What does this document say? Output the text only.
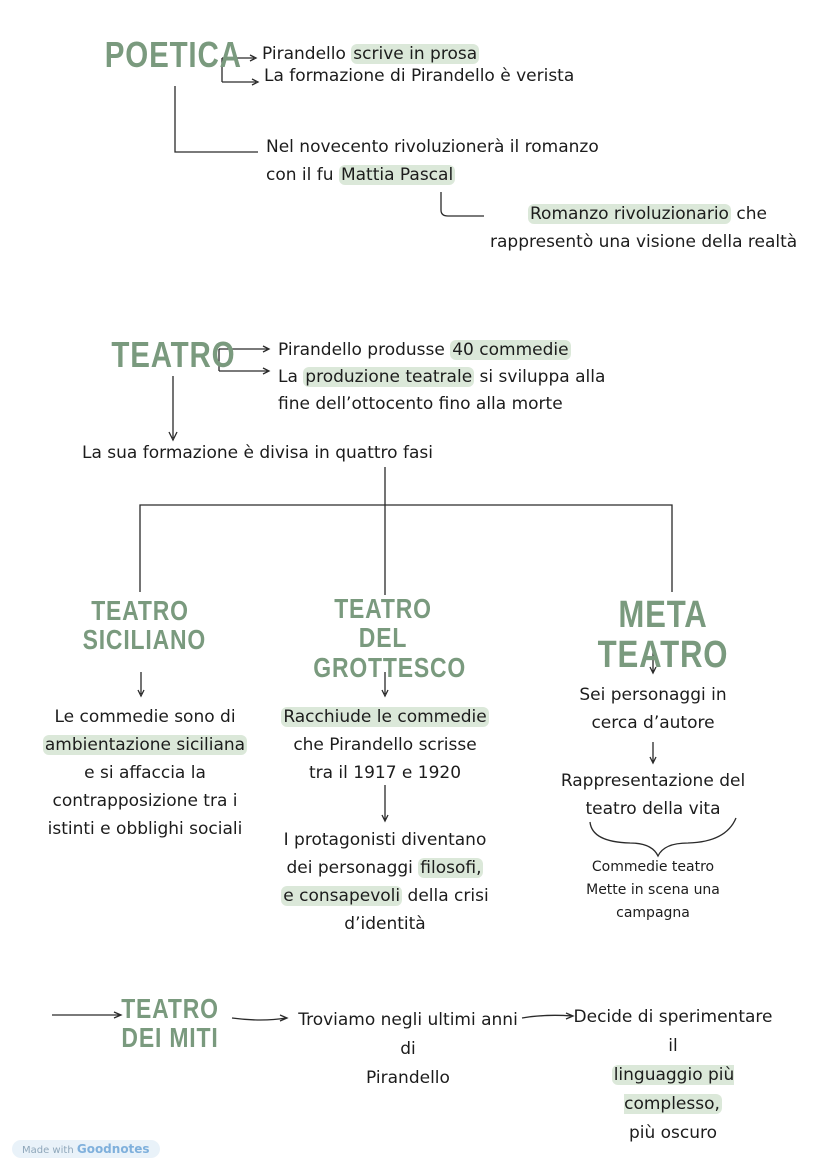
POETICA Pirandello scrive in prosa
La formazione di Pirandello è verista
Nel novecento rivoluzionerà il romanzo
con il fu Mattia Pascal
Romanzo rivoluzionario che
rappresentò una visione della realtà
TEATRO	Pirandello produsse 40 commedie
La produzione teatrale si sviluppa alla
fine dell’ottocento fino alla morte
La sua formazione è divisa in quattro fasi
TEATRO
SICILIANO
Le commedie sono di
ambientazione siciliana
e si affaccia la
contrapposizione tra i
istinti e obblighi sociali
TEATRO DEL
GROTTESCO
Racchiude le commedie
che Pirandello scrisse
tra il 1917 e 1920
I protagonisti diventano
dei personaggi filosofi,
e consapevoli della crisi
d’identità
META TEATRO
Sei personaggi in
cerca d’autore
Rappresentazione del
teatro della vita
Commedie teatro
Mette in scena una campagna
TEATRO
DEI MITI
Troviamo negli ultimi anni di
Pirandello
Decide di sperimentare il
linguaggio più complesso,
più oscuro
Made with Goodnotes
